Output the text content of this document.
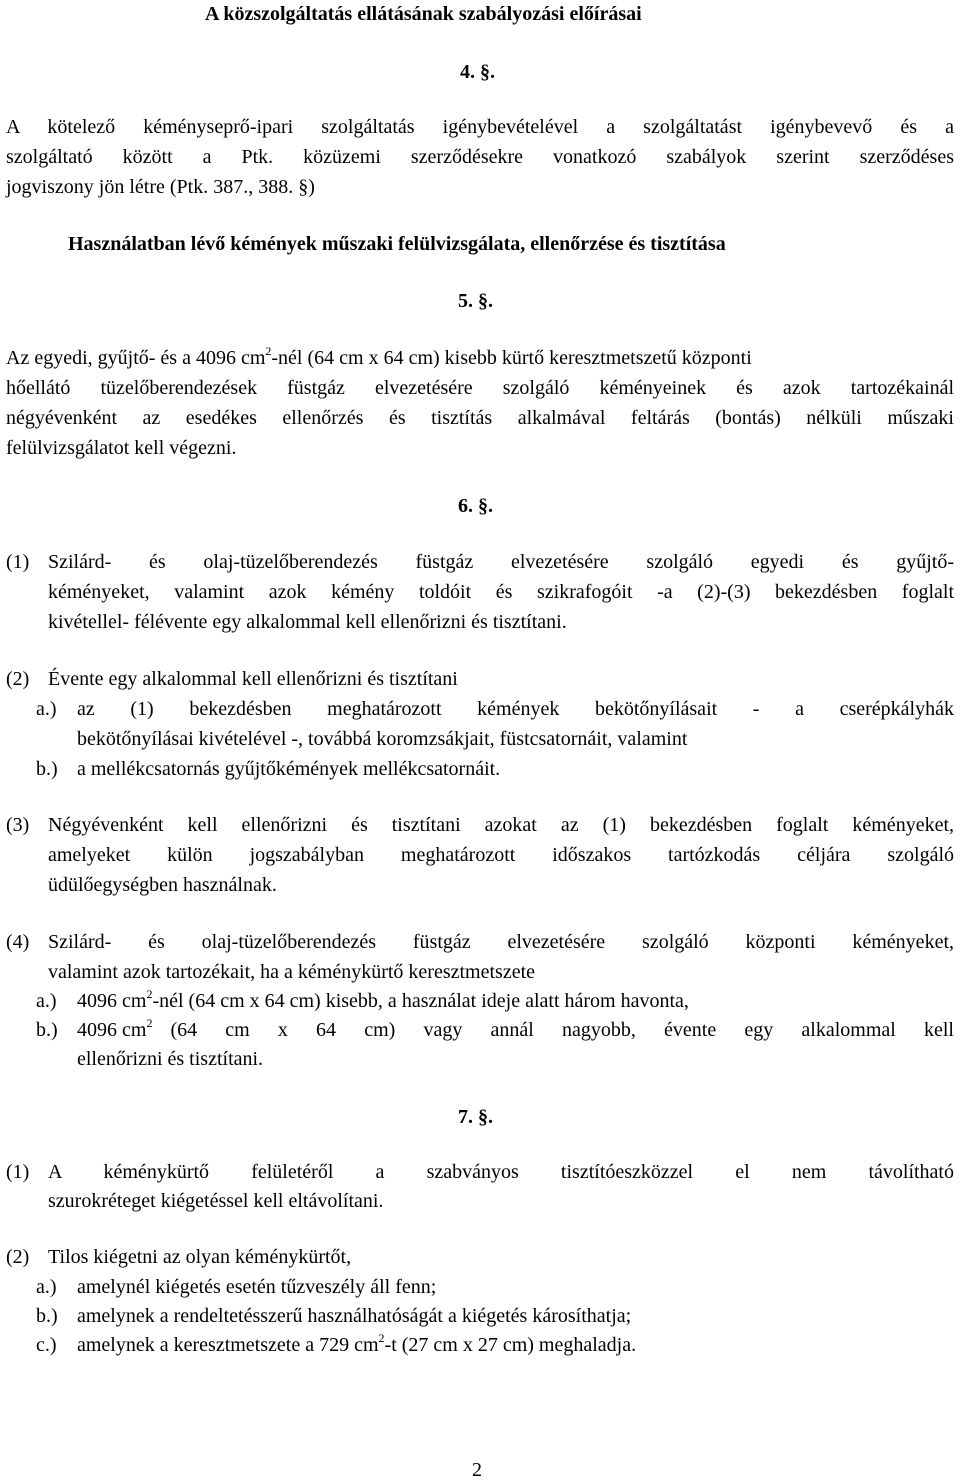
A közszolgáltatás ellátásának szabályozási előírásai
4. §.
A kötelező kéményseprő-ipari szolgáltatás igénybevételével a szolgáltatást igénybevevő és a
szolgáltató között a Ptk. közüzemi szerződésekre vonatkozó szabályok szerint szerződéses
jogviszony jön létre (Ptk. 387., 388. §)
Használatban lévő kémények műszaki felülvizsgálata, ellenőrzése és tisztítása
5. §.
Az egyedi, gyűjtő- és a 4096 $cm^2$-nél (64 cm x 64 cm) kisebb kürtő keresztmetszetű központi
hőellátó tüzelőberendezések füstgáz elvezetésére szolgáló kéményeinek és azok tartozékainál
négyévenként az esedékes ellenőrzés és tisztítás alkalmával feltárás (bontás) nélküli műszaki
felülvizsgálatot kell végezni.
6. §.
(1) Szilárd- és olaj-tüzelőberendezés füstgáz elvezetésére szolgáló egyedi és gyűjtő-
kéményeket, valamint azok kémény toldóit és szikrafogóit -a (2)-(3) bekezdésben foglalt
kivétellel- félévente egy alkalommal kell ellenőrizni és tisztítani.
(2) Évente egy alkalommal kell ellenőrizni és tisztítani
a.) az (1) bekezdésben meghatározott kémények bekötőnyílásait - a cserépkályhák
bekötőnyílásai kivételével -, továbbá koromzsákjait, füstcsatornáit, valamint
b.) a mellékcsatornás gyűjtőkémények mellékcsatornáit.
(3) Négyévenként kell ellenőrizni és tisztítani azokat az (1) bekezdésben foglalt kéményeket,
amelyeket külön jogszabályban meghatározott időszakos tartózkodás céljára szolgáló
üdülőegységben használnak.
(4) Szilárd- és olaj-tüzelőberendezés füstgáz elvezetésére szolgáló központi kéményeket,
valamint azok tartozékait, ha a kéménykürtő keresztmetszete
a.) 4096 $cm^2$-nél (64 cm x 64 cm) kisebb, a használat ideje alatt három havonta,
b.) 4096 $cm^2$ (64 cm x 64 cm) vagy annál nagyobb, évente egy alkalommal kell
ellenőrizni és tisztítani.
7. §.
(1) A kéménykürtő felületéről a szabványos tisztítóeszközzel el nem távolítható
szurokréteget kiégetéssel kell eltávolítani.
(2) Tilos kiégetni az olyan kéménykürtőt,
a.) amelynél kiégetés esetén tűzveszély áll fenn;
b.) amelynek a rendeltetésszerű használhatóságát a kiégetés károsíthatja;
c.) amelynek a keresztmetszete a 729 $cm^2-t$ (27 cm x 27 cm) meghaladja.
2
